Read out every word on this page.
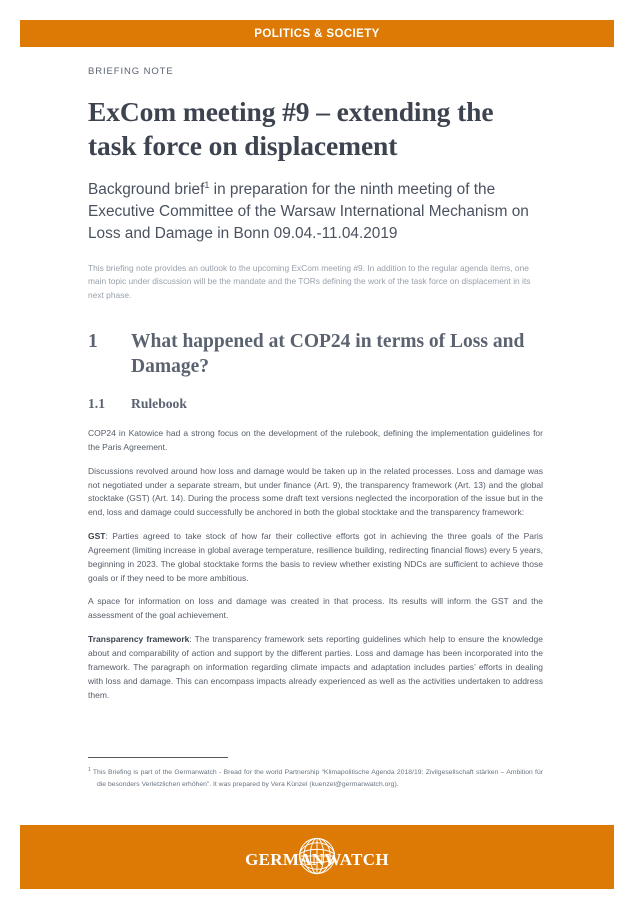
POLITICS & SOCIETY
BRIEFING NOTE
ExCom meeting #9 – extending the task force on displacement
Background brief$^1$ in preparation for the ninth meeting of the Executive Committee of the Warsaw International Mechanism on Loss and Damage in Bonn 09.04.-11.04.2019

This briefing note provides an outlook to the upcoming ExCom meeting #9. In addition to the regular agenda items, one main topic under discussion will be the mandate and the TORs defining the work of the task force on displacement in its next phase.

1	What happened at COP24 in terms of Loss and Damage?
1.1	Rulebook

COP24 in Katowice had a strong focus on the development of the rulebook, defining the implementation guidelines for the Paris Agreement.

Discussions revolved around how loss and damage would be taken up in the related processes. Loss and damage was not negotiated under a separate stream, but under finance (Art. 9), the transparency framework (Art. 13) and the global stocktake (GST) (Art. 14). During the process some draft text versions neglected the incorporation of the issue but in the end, loss and damage could successfully be anchored in both the global stocktake and the transparency framework:

GST: Parties agreed to take stock of how far their collective efforts got in achieving the three goals of the Paris Agreement (limiting increase in global average temperature, resilience building, redirecting financial flows) every 5 years, beginning in 2023. The global stocktake forms the basis to review whether existing NDCs are sufficient to achieve those goals or if they need to be more ambitious.

A space for information on loss and damage was created in that process. Its results will inform the GST and the assessment of the goal achievement.

Transparency framework: The transparency framework sets reporting guidelines which help to ensure the knowledge about and comparability of action and support by the different parties. Loss and damage has been incorporated into the framework. The paragraph on information regarding climate impacts and adaptation includes parties’ efforts in dealing with loss and damage. This can encompass impacts already experienced as well as the activities undertaken to address them.

$^1$ This Briefing is part of the Germanwatch - Bread for the world Partnership “Klimapolitische Agenda 2018/19: Zivilgesellschaft stärken – Ambition für die besonders Verletzlichen erhöhen”. It was prepared by Vera Künzel (kuenzel@germanwatch.org).
GERMANWATCH
